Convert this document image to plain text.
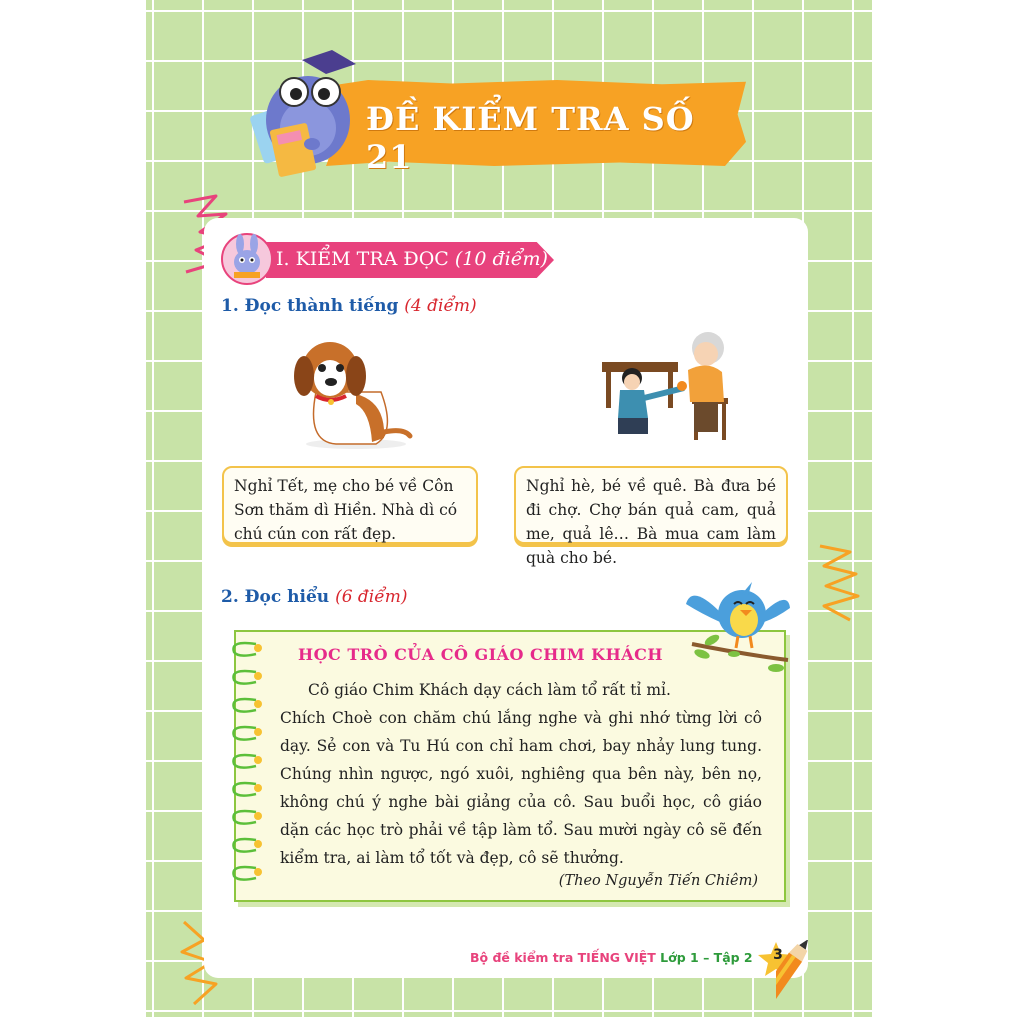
ĐỀ KIỂM TRA SỐ 21
I. KIỂM TRA ĐỌC (10 điểm)
1. Đọc thành tiếng (4 điểm)
Nghỉ Tết, mẹ cho bé về Côn Sơn thăm dì Hiền. Nhà dì có chú cún con rất đẹp.
Nghỉ hè, bé về quê. Bà đưa bé đi chợ. Chợ bán quả cam, quả me, quả lê… Bà mua cam làm quà cho bé.
2. Đọc hiểu (6 điểm)
HỌC TRÒ CỦA CÔ GIÁO CHIM KHÁCH

Cô giáo Chim Khách dạy cách làm tổ rất tỉ mỉ.

Chích Choè con chăm chú lắng nghe và ghi nhớ từng lời cô dạy. Sẻ con và Tu Hú con chỉ ham chơi, bay nhảy lung tung. Chúng nhìn ngược, ngó xuôi, nghiêng qua bên này, bên nọ, không chú ý nghe bài giảng của cô. Sau buổi học, cô giáo dặn các học trò phải về tập làm tổ. Sau mười ngày cô sẽ đến kiểm tra, ai làm tổ tốt và đẹp, cô sẽ thưởng.

(Theo Nguyễn Tiến Chiêm)
Bộ đề kiểm tra TIẾNG VIỆT Lớp 1 – Tập 2 3
